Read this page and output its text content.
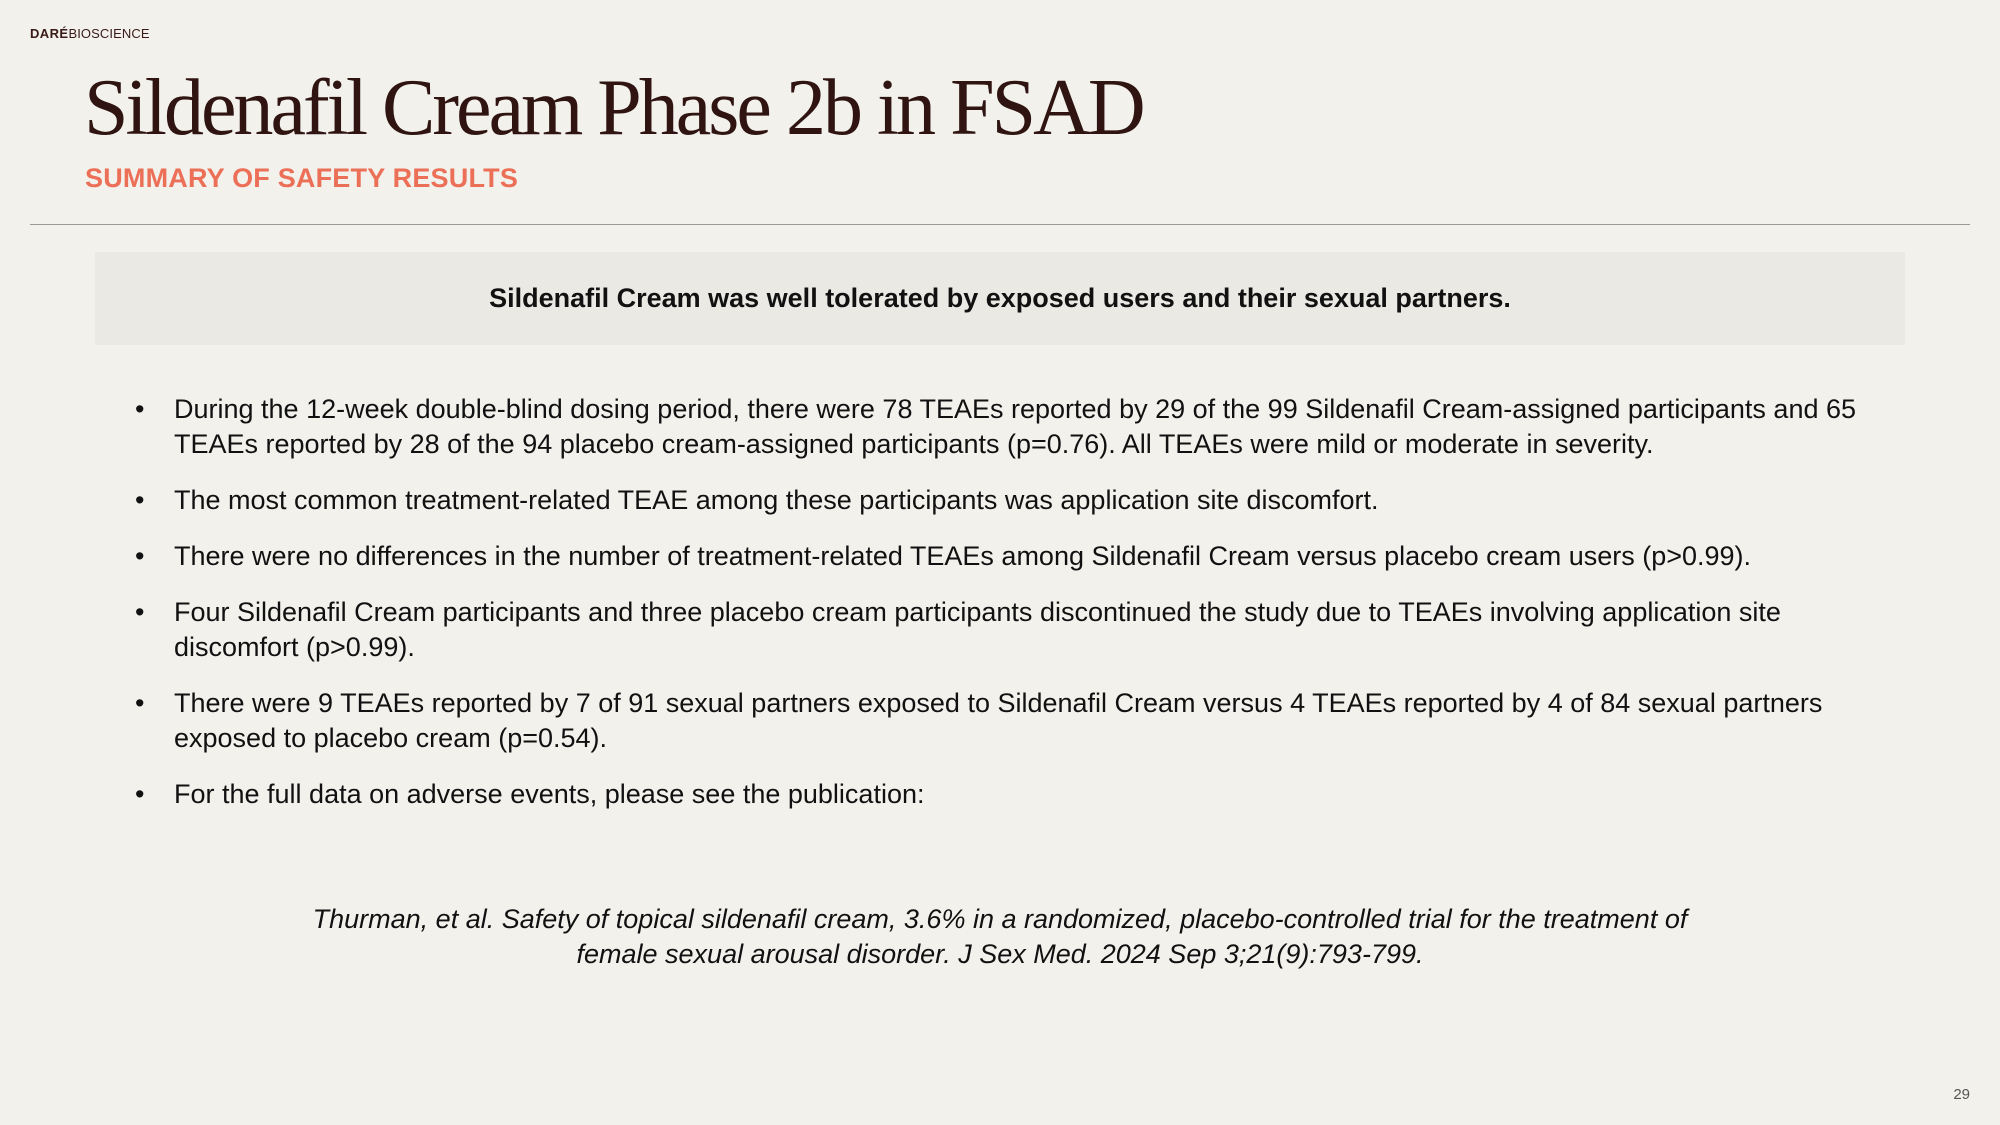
DARÉBIOSCIENCE
Sildenafil Cream Phase 2b in FSAD
SUMMARY OF SAFETY RESULTS
Sildenafil Cream was well tolerated by exposed users and their sexual partners.
•	During the 12-week double-blind dosing period, there were 78 TEAEs reported by 29 of the 99 Sildenafil Cream-assigned participants and 65 TEAEs reported by 28 of the 94 placebo cream-assigned participants (p=0.76). All TEAEs were mild or moderate in severity.
•	The most common treatment-related TEAE among these participants was application site discomfort.
•	There were no differences in the number of treatment-related TEAEs among Sildenafil Cream versus placebo cream users (p>0.99).
•	Four Sildenafil Cream participants and three placebo cream participants discontinued the study due to TEAEs involving application site discomfort (p>0.99).
•	There were 9 TEAEs reported by 7 of 91 sexual partners exposed to Sildenafil Cream versus 4 TEAEs reported by 4 of 84 sexual partners exposed to placebo cream (p=0.54).
•	For the full data on adverse events, please see the publication:
Thurman, et al. Safety of topical sildenafil cream, 3.6% in a randomized, placebo-controlled trial for the treatment of
female sexual arousal disorder. J Sex Med. 2024 Sep 3;21(9):793-799.
29
